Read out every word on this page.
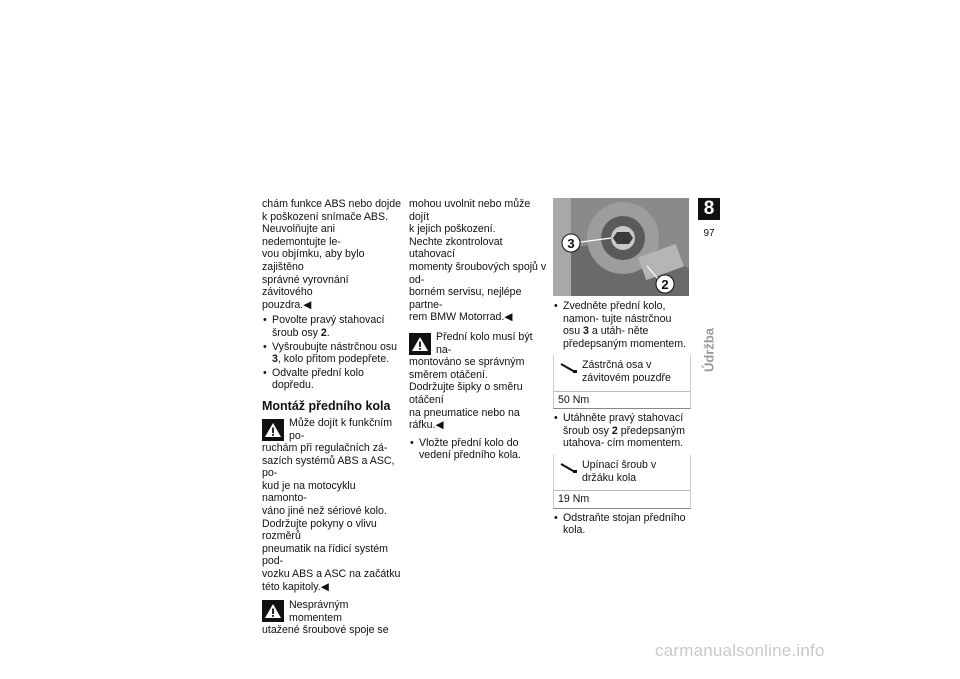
chám funkce ABS nebo dojde

k poškození snímače ABS.

Neuvolňujte ani nedemontujte le-

vou objímku, aby bylo zajištěno

správné vyrovnání závitového

pouzdra.◀

• Povolte pravý stahovací šroub osy 2.
• Vyšroubujte nástrčnou osu 3, kolo přitom podepřete.
• Odvalte přední kolo dopředu.
Montáž předního kola

Může dojít k funkčním po-

ruchám při regulačních zá-

sazích systémů ABS a ASC, po-

kud je na motocyklu namonto-

váno jiné než sériové kolo.

Dodržujte pokyny o vlivu rozměrů

pneumatik na řídicí systém pod-

vozku ABS a ASC na začátku

této kapitoly.◀

Nesprávným momentem

utažené šroubové spoje se

mohou uvolnit nebo může dojít

k jejich poškození.

Nechte zkontrolovat utahovací

momenty šroubových spojů v od-

borném servisu, nejlépe partne-

rem BMW Motorrad.◀

Přední kolo musí být na-

montováno se správným

směrem otáčení.

Dodržujte šipky o směru otáčení

na pneumatice nebo na ráfku.◀

• Vložte přední kolo do vedení předního kola.
3
2
• Zvedněte přední kolo, namon- tujte nástrčnou osu 3 a utáh- něte předepsaným momentem.
Zástrčná osa v závitovém pouzdře
50 Nm
• Utáhněte pravý stahovací šroub osy 2 předepsaným utahova- cím momentem.
Upínací šroub v držáku kola
19 Nm
• Odstraňte stojan předního kola.
8
97
Údržba
carmanualsonline.info
